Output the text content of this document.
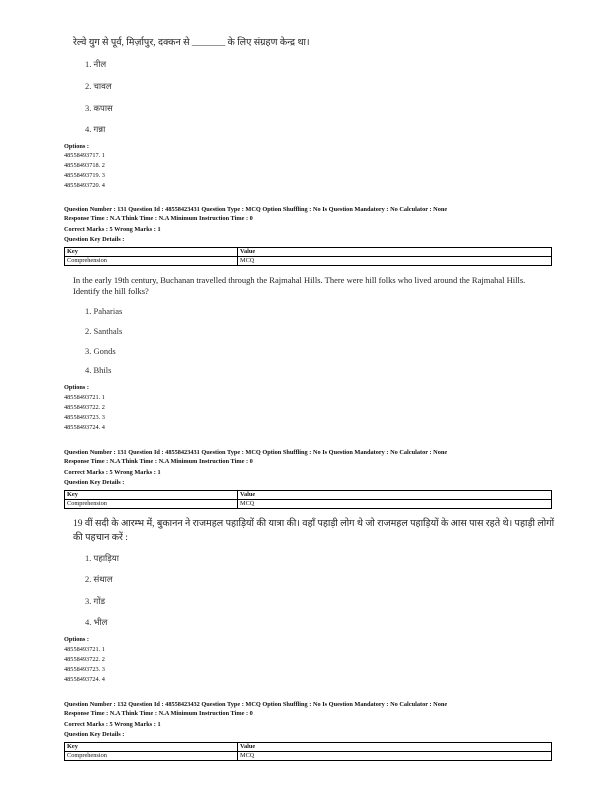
रेल्वे युग से पूर्व, मिर्ज़ापुर, दक्कन से _______ के लिए संग्रहण केन्द्र था।
1. नील
2. चावल
3. कपास
4. गन्ना
Options :
48558493717. 1
48558493718. 2
48558493719. 3
48558493720. 4
Question Number : 131 Question Id : 48558423431 Question Type : MCQ Option Shuffling : No Is Question Mandatory : No Calculator : None
Response Time : N.A Think Time : N.A Minimum Instruction Time : 0
Correct Marks : 5 Wrong Marks : 1
Question Key Details :
Key	Value
Comprehension	MCQ
In the early 19th century, Buchanan travelled through the Rajmahal Hills. There were hill folks who lived around the Rajmahal Hills.
Identify the hill folks?
1. Paharias
2. Santhals
3. Gonds
4. Bhils
Options :
48558493721. 1
48558493722. 2
48558493723. 3
48558493724. 4
Question Number : 131 Question Id : 48558423431 Question Type : MCQ Option Shuffling : No Is Question Mandatory : No Calculator : None
Response Time : N.A Think Time : N.A Minimum Instruction Time : 0
Correct Marks : 5 Wrong Marks : 1
Question Key Details :
Key	Value
Comprehension	MCQ
19 वीं सदी के आरम्भ में, बुकानन ने राजमहल पहाड़ियों की यात्रा की। वहाँ पहाड़ी लोग थे जो राजमहल पहाड़ियों के आस पास रहते थे। पहाड़ी लोगों
की पहचान करें :
1. पहाड़िया
2. संथाल
3. गोंड
4. भील
Options :
48558493721. 1
48558493722. 2
48558493723. 3
48558493724. 4
Question Number : 132 Question Id : 48558423432 Question Type : MCQ Option Shuffling : No Is Question Mandatory : No Calculator : None
Response Time : N.A Think Time : N.A Minimum Instruction Time : 0
Correct Marks : 5 Wrong Marks : 1
Question Key Details :
Key	Value
Comprehension	MCQ
